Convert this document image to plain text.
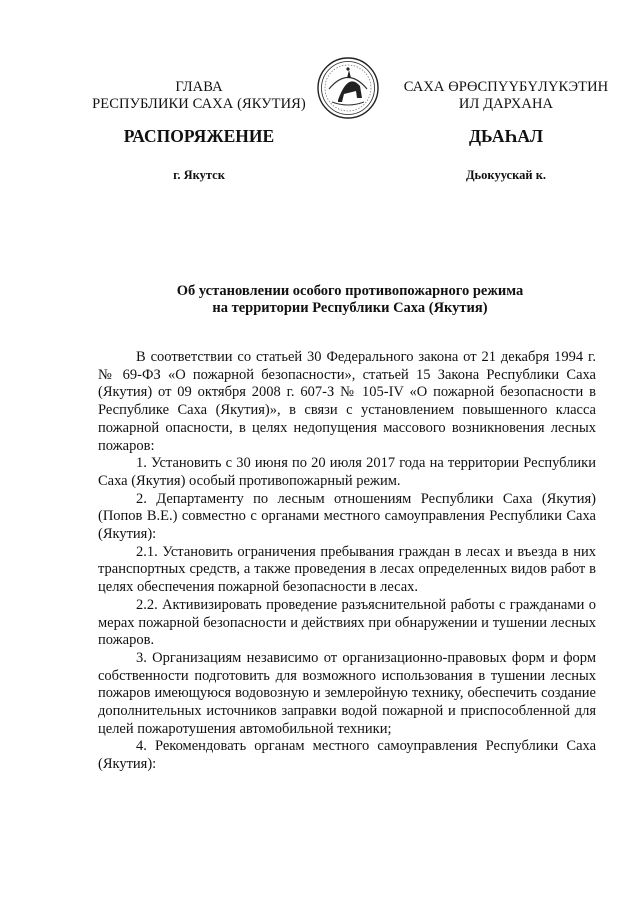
ГЛАВА
РЕСПУБЛИКИ САХА (ЯКУТИЯ)
САХА ӨРӨСПҮҮБҮЛҮКЭТИН
ИЛ ДАРХАНА
РАСПОРЯЖЕНИЕ	ДЬАҺАЛ
г. Якутск	Дьокуускай к.
Об установлении особого противопожарного режима
на территории Республики Саха (Якутия)

В соответствии со статьей 30 Федерального закона от 21 декабря 1994 г. № 69-ФЗ «О пожарной безопасности», статьей 15 Закона Республики Саха (Якутия) от 09 октября 2008 г. 607-З № 105-IV «О пожарной безопасности в Республике Саха (Якутия)», в связи с установлением повышенного класса пожарной опасности, в целях недопущения массового возникновения лесных пожаров:

1. Установить с 30 июня по 20 июля 2017 года на территории Республики Саха (Якутия) особый противопожарный режим.

2. Департаменту по лесным отношениям Республики Саха (Якутия) (Попов В.Е.) совместно с органами местного самоуправления Республики Саха (Якутия):

2.1. Установить ограничения пребывания граждан в лесах и въезда в них транспортных средств, а также проведения в лесах определенных видов работ в целях обеспечения пожарной безопасности в лесах.

2.2. Активизировать проведение разъяснительной работы с гражданами о мерах пожарной безопасности и действиях при обнаружении и тушении лесных пожаров.

3. Организациям независимо от организационно-правовых форм и форм собственности подготовить для возможного использования в тушении лесных пожаров имеющуюся водовозную и землеройную технику, обеспечить создание дополнительных источников заправки водой пожарной и приспособленной для целей пожаротушения автомобильной техники;

4. Рекомендовать органам местного самоуправления Республики Саха (Якутия):
